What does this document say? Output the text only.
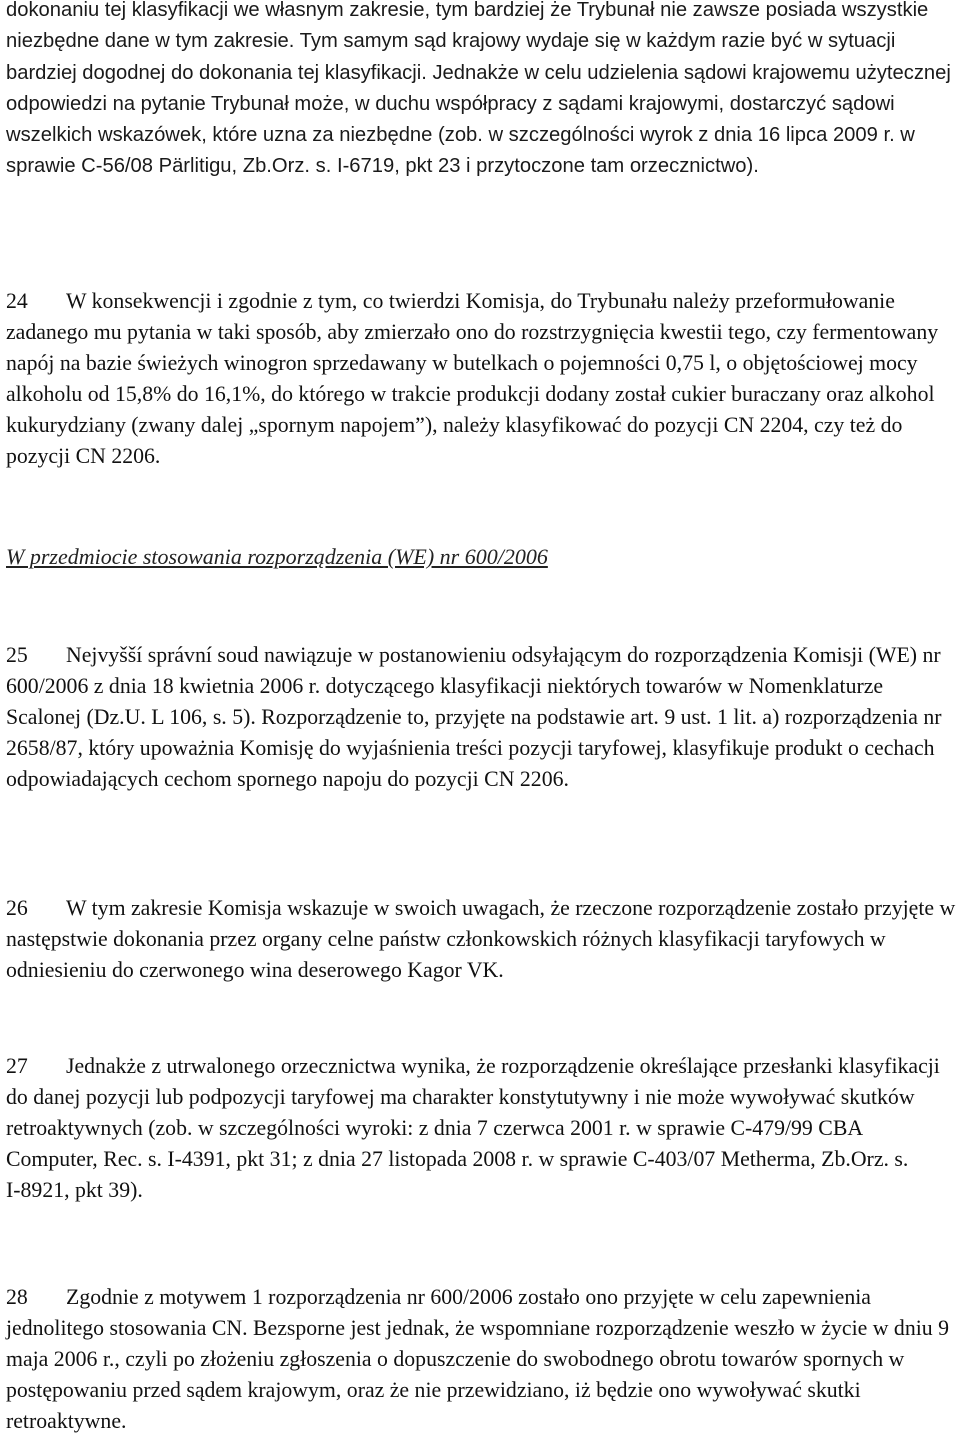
dokonaniu tej klasyfikacji we własnym zakresie, tym bardziej że Trybunał nie zawsze posiada wszystkie niezbędne dane w tym zakresie. Tym samym sąd krajowy wydaje się w każdym razie być w sytuacji bardziej dogodnej do dokonania tej klasyfikacji. Jednakże w celu udzielenia sądowi krajowemu użytecznej odpowiedzi na pytanie Trybunał może, w duchu współpracy z sądami krajowymi, dostarczyć sądowi wszelkich wskazówek, które uzna za niezbędne (zob. w szczególności wyrok z dnia 16 lipca 2009 r. w sprawie C‑56/08 Pärlitigu, Zb.Orz. s. I‑6719, pkt 23 i przytoczone tam orzecznictwo).

24 W konsekwencji i zgodnie z tym, co twierdzi Komisja, do Trybunału należy przeformułowanie zadanego mu pytania w taki sposób, aby zmierzało ono do rozstrzygnięcia kwestii tego, czy fermentowany napój na bazie świeżych winogron sprzedawany w butelkach o pojemności 0,75 l, o objętościowej mocy alkoholu od 15,8% do 16,1%, do którego w trakcie produkcji dodany został cukier buraczany oraz alkohol kukurydziany (zwany dalej „spornym napojem”), należy klasyfikować do pozycji CN 2204, czy też do pozycji CN 2206.

W przedmiocie stosowania rozporządzenia (WE) nr 600/2006

25 Nejvyšší správní soud nawiązuje w postanowieniu odsyłającym do rozporządzenia Komisji (WE) nr 600/2006 z dnia 18 kwietnia 2006 r. dotyczącego klasyfikacji niektórych towarów w Nomenklaturze Scalonej (Dz.U. L 106, s. 5). Rozporządzenie to, przyjęte na podstawie art. 9 ust. 1 lit. a) rozporządzenia nr 2658/87, który upoważnia Komisję do wyjaśnienia treści pozycji taryfowej, klasyfikuje produkt o cechach odpowiadających cechom spornego napoju do pozycji CN 2206.

26 W tym zakresie Komisja wskazuje w swoich uwagach, że rzeczone rozporządzenie zostało przyjęte w następstwie dokonania przez organy celne państw członkowskich różnych klasyfikacji taryfowych w odniesieniu do czerwonego wina deserowego Kagor VK.

27 Jednakże z utrwalonego orzecznictwa wynika, że rozporządzenie określające przesłanki klasyfikacji do danej pozycji lub podpozycji taryfowej ma charakter konstytutywny i nie może wywoływać skutków retroaktywnych (zob. w szczególności wyroki: z dnia 7 czerwca 2001 r. w sprawie C‑479/99 CBA Computer, Rec. s. I‑4391, pkt 31; z dnia 27 listopada 2008 r. w sprawie C‑403/07 Metherma, Zb.Orz. s. I‑8921, pkt 39).

28 Zgodnie z motywem 1 rozporządzenia nr 600/2006 zostało ono przyjęte w celu zapewnienia jednolitego stosowania CN. Bezsporne jest jednak, że wspomniane rozporządzenie weszło w życie w dniu 9 maja 2006 r., czyli po złożeniu zgłoszenia o dopuszczenie do swobodnego obrotu towarów spornych w postępowaniu przed sądem krajowym, oraz że nie przewidziano, iż będzie ono wywoływać skutki retroaktywne.
